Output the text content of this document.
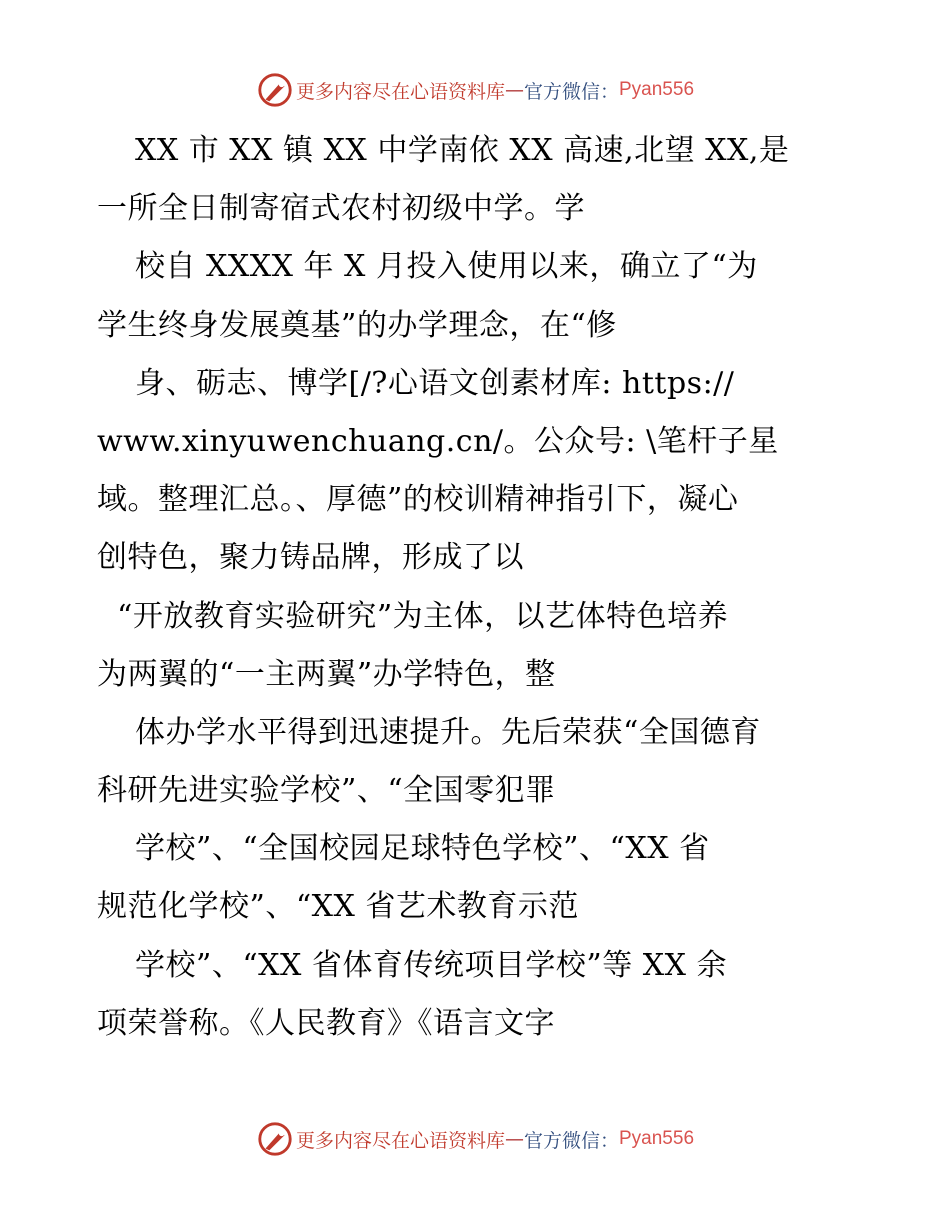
更多内容尽在心语资料库 — 官方微信： Pyan556
XX 市 XX 镇 XX 中学南依 XX 高速,北望 XX,是
一所全日制寄宿式农村初级中学。学
校自 XXXX 年 X 月投入使用以来，确立了“为
学生终身发展奠基”的办学理念，在“修
身、砺志、博学[/?心语文创素材库: https://
www.xinyuwenchuang.cn/。公众号: \笔杆子星
域。整理汇总。、厚德”的校训精神指引下，凝心
创特色，聚力铸品牌，形成了以
“开放教育实验研究”为主体，以艺体特色培养
为两翼的“一主两翼”办学特色，整
体办学水平得到迅速提升。先后荣获“全国德育
科研先进实验学校”、“全国零犯罪
学校”、“全国校园足球特色学校”、“XX 省
规范化学校”、“XX 省艺术教育示范
学校”、“XX 省体育传统项目学校”等 XX 余
项荣誉称。《人民教育》《语言文字
更多内容尽在心语资料库 — 官方微信： Pyan556
